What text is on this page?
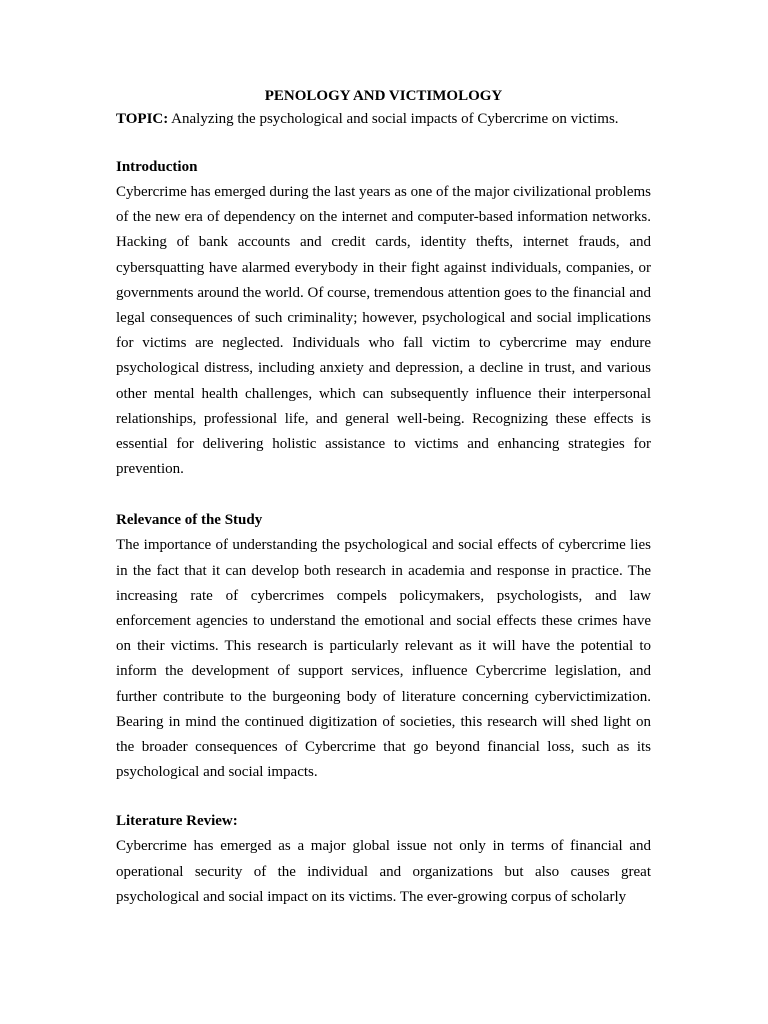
PENOLOGY AND VICTIMOLOGY

TOPIC: Analyzing the psychological and social impacts of Cybercrime on victims.

Introduction

Cybercrime has emerged during the last years as one of the major civilizational problems of the new era of dependency on the internet and computer-based information networks. Hacking of bank accounts and credit cards, identity thefts, internet frauds, and cybersquatting have alarmed everybody in their fight against individuals, companies, or governments around the world. Of course, tremendous attention goes to the financial and legal consequences of such criminality; however, psychological and social implications for victims are neglected. Individuals who fall victim to cybercrime may endure psychological distress, including anxiety and depression, a decline in trust, and various other mental health challenges, which can subsequently influence their interpersonal relationships, professional life, and general well-being. Recognizing these effects is essential for delivering holistic assistance to victims and enhancing strategies for prevention.

Relevance of the Study

The importance of understanding the psychological and social effects of cybercrime lies in the fact that it can develop both research in academia and response in practice. The increasing rate of cybercrimes compels policymakers, psychologists, and law enforcement agencies to understand the emotional and social effects these crimes have on their victims. This research is particularly relevant as it will have the potential to inform the development of support services, influence Cybercrime legislation, and further contribute to the burgeoning body of literature concerning cybervictimization. Bearing in mind the continued digitization of societies, this research will shed light on the broader consequences of Cybercrime that go beyond financial loss, such as its psychological and social impacts.

Literature Review:

Cybercrime has emerged as a major global issue not only in terms of financial and operational security of the individual and organizations but also causes great psychological and social impact on its victims. The ever-growing corpus of scholarly
